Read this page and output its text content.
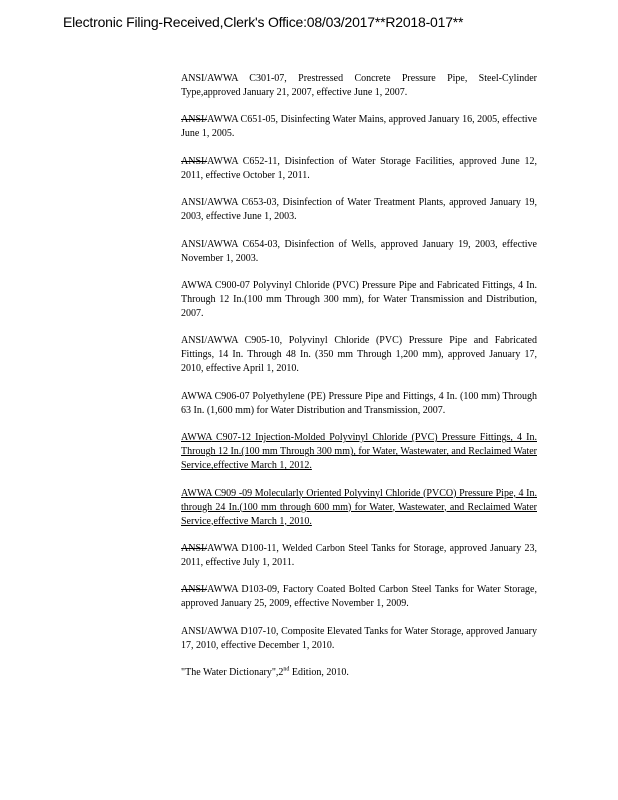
Electronic Filing-Received,Clerk's Office:08/03/2017**R2018-017**
ANSI/AWWA C301-07, Prestressed Concrete Pressure Pipe, Steel-Cylinder Type,approved January 21, 2007, effective June 1, 2007.
ANSI/AWWA C651-05, Disinfecting Water Mains, approved January 16, 2005, effective June 1, 2005.
ANSI/AWWA C652-11, Disinfection of Water Storage Facilities, approved June 12, 2011, effective October 1, 2011.
ANSI/AWWA C653-03, Disinfection of Water Treatment Plants, approved January 19, 2003, effective June 1, 2003.
ANSI/AWWA C654-03, Disinfection of Wells, approved January 19, 2003, effective November 1, 2003.
AWWA C900-07 Polyvinyl Chloride (PVC) Pressure Pipe and Fabricated Fittings, 4 In. Through 12 In.(100 mm Through 300 mm), for Water Transmission and Distribution, 2007.
ANSI/AWWA C905-10, Polyvinyl Chloride (PVC) Pressure Pipe and Fabricated Fittings, 14 In. Through 48 In. (350 mm Through 1,200 mm), approved January 17, 2010, effective April 1, 2010.
AWWA C906-07 Polyethylene (PE) Pressure Pipe and Fittings, 4 In. (100 mm) Through 63 In. (1,600 mm) for Water Distribution and Transmission, 2007.
AWWA C907-12 Injection-Molded Polyvinyl Chloride (PVC) Pressure Fittings, 4 In. Through 12 In.(100 mm Through 300 mm), for Water, Wastewater, and Reclaimed Water Service,effective March 1, 2012.
AWWA C909 -09 Molecularly Oriented Polyvinyl Chloride (PVCO) Pressure Pipe, 4 In. through 24 In.(100 mm through 600 mm) for Water, Wastewater, and Reclaimed Water Service,effective March 1, 2010.
ANSI/AWWA D100-11, Welded Carbon Steel Tanks for Storage, approved January 23, 2011, effective July 1, 2011.
ANSI/AWWA D103-09, Factory Coated Bolted Carbon Steel Tanks for Water Storage, approved January 25, 2009, effective November 1, 2009.
ANSI/AWWA D107-10, Composite Elevated Tanks for Water Storage, approved January 17, 2010, effective December 1, 2010.
"The Water Dictionary",2nd Edition, 2010.
